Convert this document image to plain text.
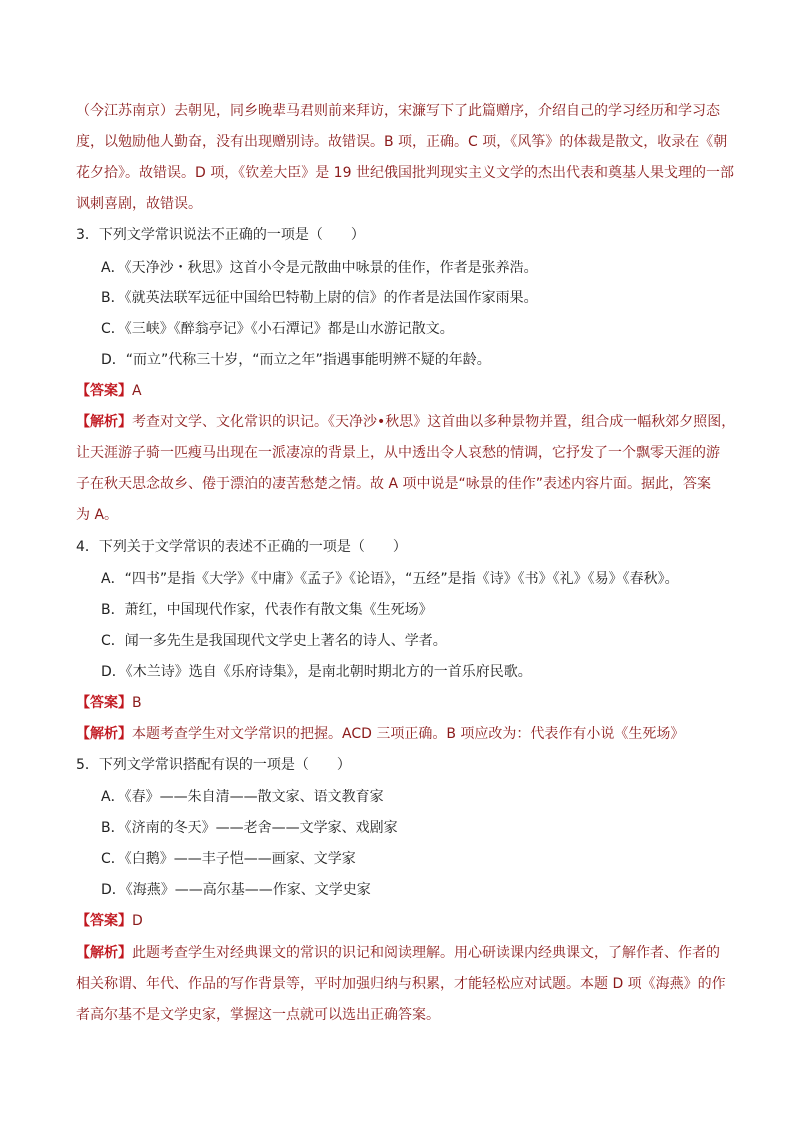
（今江苏南京）去朝见，同乡晚辈马君则前来拜访，宋濂写下了此篇赠序，介绍自己的学习经历和学习态
度，以勉励他人勤奋，没有出现赠别诗。故错误。B 项，正确。C 项，《风筝》的体裁是散文，收录在《朝
花夕拾》。故错误。D 项，《钦差大臣》是 19 世纪俄国批判现实主义文学的杰出代表和奠基人果戈理的一部
讽刺喜剧，故错误。
3．下列文学常识说法不正确的一项是（　　）
A．《天净沙・秋思》这首小令是元散曲中咏景的佳作，作者是张养浩。
B．《就英法联军远征中国给巴特勒上尉的信》的作者是法国作家雨果。
C．《三峡》《醉翁亭记》《小石潭记》都是山水游记散文。
D．“而立”代称三十岁，“而立之年”指遇事能明辨不疑的年龄。
【答案】A
【解析】考查对文学、文化常识的识记。《天净沙•秋思》这首曲以多种景物并置，组合成一幅秋郊夕照图，
让天涯游子骑一匹瘦马出现在一派凄凉的背景上，从中透出令人哀愁的情调，它抒发了一个飘零天涯的游
子在秋天思念故乡、倦于漂泊的凄苦愁楚之情。故 A 项中说是“咏景的佳作”表述内容片面。据此，答案
为 A。
4．下列关于文学常识的表述不正确的一项是（　　）
A．“四书”是指《大学》《中庸》《孟子》《论语》，“五经”是指《诗》《书》《礼》《易》《春秋》。
B．萧红，中国现代作家，代表作有散文集《生死场》
C．闻一多先生是我国现代文学史上著名的诗人、学者。
D．《木兰诗》选自《乐府诗集》，是南北朝时期北方的一首乐府民歌。
【答案】B
【解析】本题考查学生对文学常识的把握。ACD 三项正确。B 项应改为：代表作有小说《生死场》
5．下列文学常识搭配有误的一项是（　　）
A．《春》——朱自清——散文家、语文教育家
B．《济南的冬天》——老舍——文学家、戏剧家
C．《白鹅》——丰子恺——画家、文学家
D．《海燕》——高尔基——作家、文学史家
【答案】D
【解析】此题考查学生对经典课文的常识的识记和阅读理解。用心研读课内经典课文，了解作者、作者的
相关称谓、年代、作品的写作背景等，平时加强归纳与积累，才能轻松应对试题。本题 D 项《海燕》的作
者高尔基不是文学史家，掌握这一点就可以选出正确答案。
